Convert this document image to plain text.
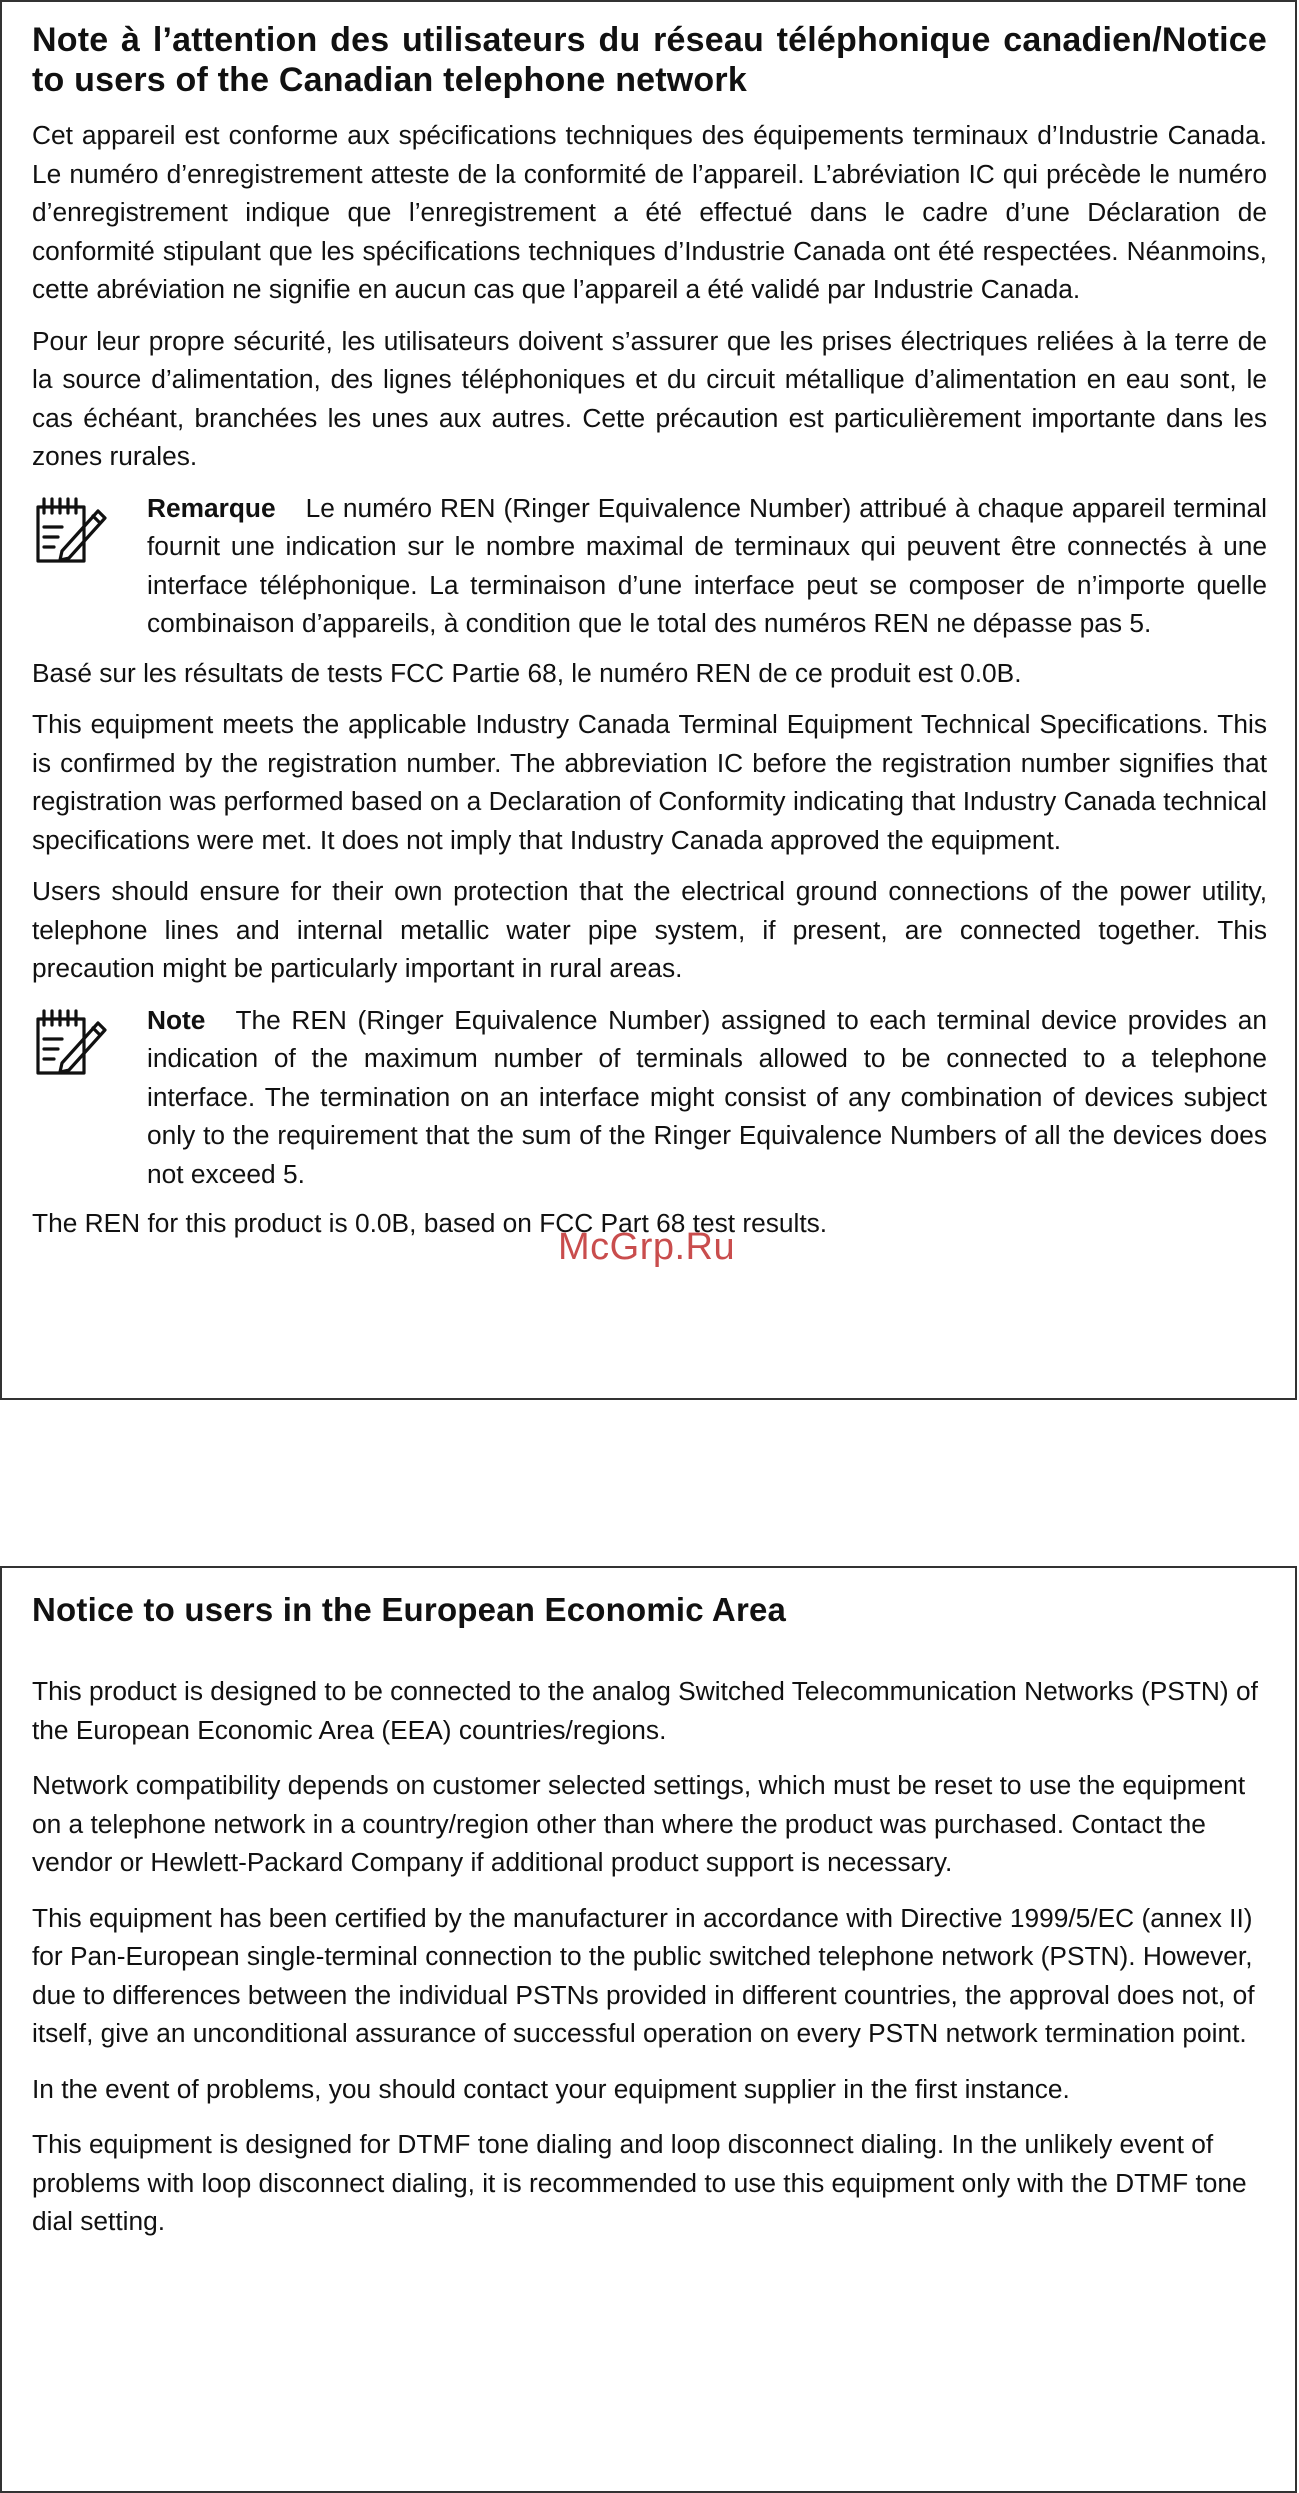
Note à l’attention des utilisateurs du réseau téléphonique canadien/Notice to users of the Canadian telephone network

Cet appareil est conforme aux spécifications techniques des équipements terminaux d’Industrie Canada. Le numéro d’enregistrement atteste de la conformité de l’appareil. L’abréviation IC qui précède le numéro d’enregistrement indique que l’enregistrement a été effectué dans le cadre d’une Déclaration de conformité stipulant que les spécifications techniques d’Industrie Canada ont été respectées. Néanmoins, cette abréviation ne signifie en aucun cas que l’appareil a été validé par Industrie Canada.

Pour leur propre sécurité, les utilisateurs doivent s’assurer que les prises électriques reliées à la terre de la source d’alimentation, des lignes téléphoniques et du circuit métallique d’alimentation en eau sont, le cas échéant, branchées les unes aux autres. Cette précaution est particulièrement importante dans les zones rurales.

Remarque Le numéro REN (Ringer Equivalence Number) attribué à chaque appareil terminal fournit une indication sur le nombre maximal de terminaux qui peuvent être connectés à une interface téléphonique. La terminaison d’une interface peut se composer de n’importe quelle combinaison d’appareils, à condition que le total des numéros REN ne dépasse pas 5.

Basé sur les résultats de tests FCC Partie 68, le numéro REN de ce produit est 0.0B.

This equipment meets the applicable Industry Canada Terminal Equipment Technical Specifications. This is confirmed by the registration number. The abbreviation IC before the registration number signifies that registration was performed based on a Declaration of Conformity indicating that Industry Canada technical specifications were met. It does not imply that Industry Canada approved the equipment.

Users should ensure for their own protection that the electrical ground connections of the power utility, telephone lines and internal metallic water pipe system, if present, are connected together. This precaution might be particularly important in rural areas.

Note The REN (Ringer Equivalence Number) assigned to each terminal device provides an indication of the maximum number of terminals allowed to be connected to a telephone interface. The termination on an interface might consist of any combination of devices subject only to the requirement that the sum of the Ringer Equivalence Numbers of all the devices does not exceed 5.

The REN for this product is 0.0B, based on FCC Part 68 test results.

McGrp.Ru
Notice to users in the European Economic Area

This product is designed to be connected to the analog Switched Telecommunication Networks (PSTN) of the European Economic Area (EEA) countries/regions.

Network compatibility depends on customer selected settings, which must be reset to use the equipment on a telephone network in a country/region other than where the product was purchased. Contact the vendor or Hewlett-Packard Company if additional product support is necessary.

This equipment has been certified by the manufacturer in accordance with Directive 1999/5/EC (annex II) for Pan-European single-terminal connection to the public switched telephone network (PSTN). However, due to differences between the individual PSTNs provided in different countries, the approval does not, of itself, give an unconditional assurance of successful operation on every PSTN network termination point.

In the event of problems, you should contact your equipment supplier in the first instance.

This equipment is designed for DTMF tone dialing and loop disconnect dialing. In the unlikely event of problems with loop disconnect dialing, it is recommended to use this equipment only with the DTMF tone dial setting.
